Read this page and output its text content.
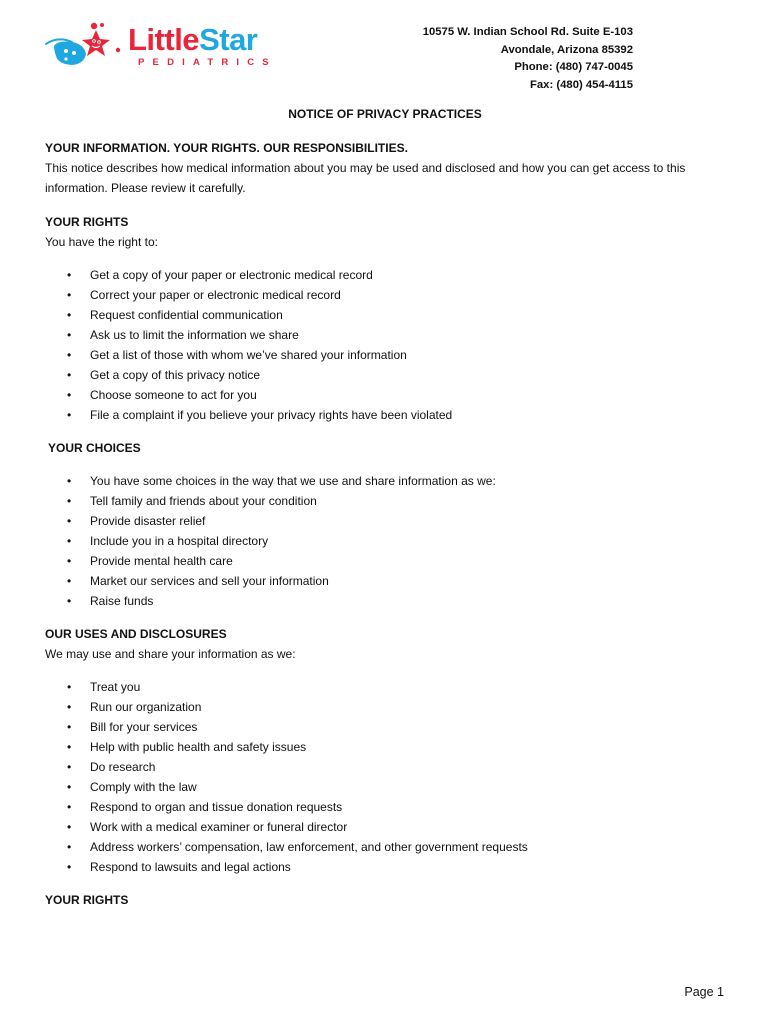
LittleStar
PEDIATRICS
10575 W. Indian School Rd. Suite E-103
Avondale, Arizona 85392
Phone: (480) 747-0045
Fax: (480) 454-4115
NOTICE OF PRIVACY PRACTICES

YOUR INFORMATION. YOUR RIGHTS. OUR RESPONSIBILITIES.

This notice describes how medical information about you may be used and disclosed and how you can get access to this information. Please review it carefully.

YOUR RIGHTS

You have the right to:

• Get a copy of your paper or electronic medical record
• Correct your paper or electronic medical record
• Request confidential communication
• Ask us to limit the information we share
• Get a list of those with whom we’ve shared your information
• Get a copy of this privacy notice
• Choose someone to act for you
• File a complaint if you believe your privacy rights have been violated

YOUR CHOICES

• You have some choices in the way that we use and share information as we:
• Tell family and friends about your condition
• Provide disaster relief
• Include you in a hospital directory
• Provide mental health care
• Market our services and sell your information
• Raise funds

OUR USES AND DISCLOSURES

We may use and share your information as we:

• Treat you
• Run our organization
• Bill for your services
• Help with public health and safety issues
• Do research
• Comply with the law
• Respond to organ and tissue donation requests
• Work with a medical examiner or funeral director
• Address workers’ compensation, law enforcement, and other government requests
• Respond to lawsuits and legal actions

YOUR RIGHTS

Page 1
